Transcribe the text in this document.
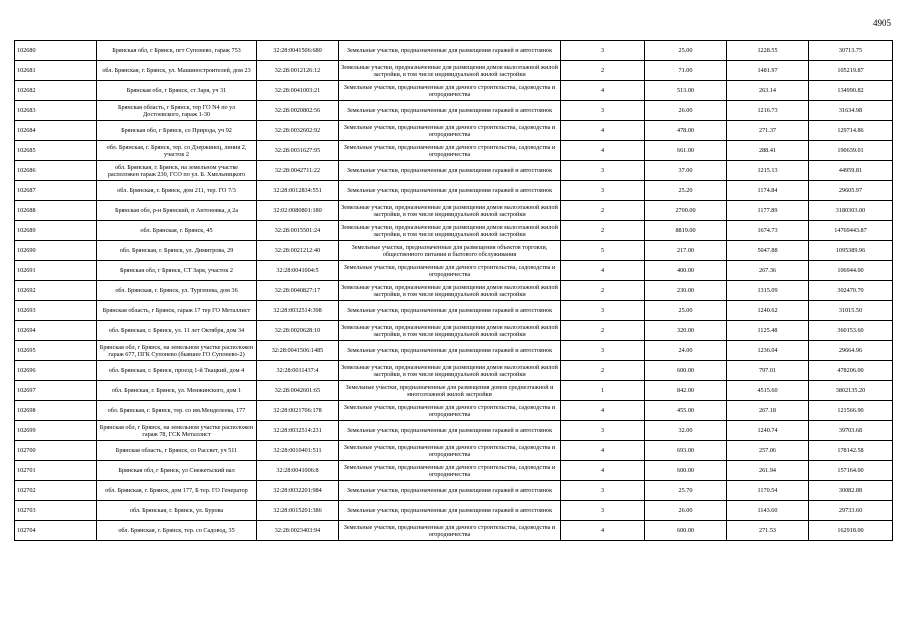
4905
102680	Брянская обл, г Брянск, пгт Супонево, гараж 753	32:28:0041506:680	Земельные участки, предназначенные для размещения гаражей и автостоянок	3	25.00	1228.55	30713.75
102681	обл. Брянская, г. Брянск, ул. Машиностроителей, дом 23	32:28:0012126:12	Земельные участки, предназначенные для размещения домов малоэтажной жилой застройки, в том числе индивидуальной жилой застройки	2	71.00	1481.97	105219.87
102682	Брянская обл, г Брянск, ст Заря, уч 31	32:28:0041003:21	Земельные участки, предназначенные для дачного строительства, садоводства и огородничества	4	513.00	263.14	134990.82
102683	Брянская область, г Брянск, тер ГО N4 по ул Достоевского, гараж 1-30	32:28:0020802:56	Земельные участки, предназначенные для размещения гаражей и автостоянок	3	26.00	1216.73	31634.98
102684	Брянская обл, г Брянск, со Природа, уч 92	32:28:0032602:92	Земельные участки, предназначенные для дачного строительства, садоводства и огородничества	4	478.00	271.37	129714.86
102685	обл. Брянская, г. Брянск, тер. со Дзержинец, линия 2, участок 2	32:28:0031627:95	Земельные участки, предназначенные для дачного строительства, садоводства и огородничества	4	661.00	288.41	190639.01
102686	обл. Брянская, г. Брянск, на земельном участке расположен гараж 230, ГСО по ул. Б. Хмельницкого	32:28:0042711:22	Земельные участки, предназначенные для размещения гаражей и автостоянок	3	37.00	1215.13	44959.81
102687	обл. Брянская, г. Брянск, дом 211, тер. ГО 7/3	32:28:0012834:551	Земельные участки, предназначенные для размещения гаражей и автостоянок	3	25.20	1174.84	29605.97
102688	Брянская обл, р-н Брянский, п Антоновка, д 2а	32:02:0080801:180	Земельные участки, предназначенные для размещения домов малоэтажной жилой застройки, в том числе индивидуальной жилой застройки	2	2700.00	1177.89	3180303.00
102689	обл. Брянская, г. Брянск, 45	32:28:0015501:24	Земельные участки, предназначенные для размещения домов малоэтажной жилой застройки, в том числе индивидуальной жилой застройки	2	8819.00	1674.73	14769443.87
102690	обл. Брянская, г. Брянск, ул. Димитрова, 29	32:28:0021212:40	Земельные участки, предназначенные для размещения объектов торговли, общественного питания и бытового обслуживания	5	217.00	5047.88	1095389.96
102691	Брянская обл, г Брянск, СТ Заря, участок 2	32:28:0041004:5	Земельные участки, предназначенные для дачного строительства, садоводства и огородничества	4	400.00	267.36	106944.00
102692	обл. Брянская, г. Брянск, ул. Тургенева, дом 36	32:28:0040827:17	Земельные участки, предназначенные для размещения домов малоэтажной жилой застройки, в том числе индивидуальной жилой застройки	2	230.00	1315.09	302470.70
102693	Брянская область, г Брянск, гараж 17 тер ГО Металлист	32:28:0032514:398	Земельные участки, предназначенные для размещения гаражей и автостоянок	3	25.00	1240.62	31015.50
102694	обл. Брянская, г. Брянск, ул. 11 лет Октября, дом 34	32:28:0020628:10	Земельные участки, предназначенные для размещения домов малоэтажной жилой застройки, в том числе индивидуальной жилой застройки	2	320.00	1125.48	360153.60
102695	Брянская обл, г Брянск, на земельном участке расположен гараж 677, ПГК Супонево (бывшее ГО Супонево-2)	32:28:0041506:1485	Земельные участки, предназначенные для размещения гаражей и автостоянок	3	24.00	1236.04	29664.96
102696	обл. Брянская, г. Брянск, проезд 1-й Ткацкий, дом 4	32:28:0011437:4	Земельные участки, предназначенные для размещения домов малоэтажной жилой застройки, в том числе индивидуальной жилой застройки	2	600.00	797.01	478206.00
102697	обл. Брянская, г. Брянск, ул. Менжинского, дом 1	32:28:0042601:65	Земельные участки, предназначенные для размещения домов среднеэтажной и многоэтажной жилой застройки	1	842.00	4515.60	3802135.20
102698	обл. Брянская, г. Брянск, тер. со им.Менделеева, 177	32:28:0021706:178	Земельные участки, предназначенные для дачного строительства, садоводства и огородничества	4	455.00	267.18	121566.90
102699	Брянская обл, г Брянск, на земельном участке расположен гараж 78, ГСК Металлист	32:28:0032514:231	Земельные участки, предназначенные для размещения гаражей и автостоянок	3	32.00	1240.74	39703.68
102700	Брянская область, г Брянск, со Рассвет, уч 511	32:28:0010401:511	Земельные участки, предназначенные для дачного строительства, садоводства и огородничества	4	693.00	257.06	178142.58
102701	Брянская обл, г Брянск, ул Снежетьский вал	32:28:0041006:8	Земельные участки, предназначенные для дачного строительства, садоводства и огородничества	4	600.00	261.94	157164.00
102702	обл. Брянская, г. Брянск, дом 177, Б тер. ГО Генератор	32:28:0032201:984	Земельные участки, предназначенные для размещения гаражей и автостоянок	3	25.70	1170.54	30082.88
102703	обл. Брянская, г. Брянск, ул. Бурова	32:28:0015201:386	Земельные участки, предназначенные для размещения гаражей и автостоянок	3	26.00	1143.60	29733.60
102704	обл. Брянская, г. Брянск, тер. со Садовод, 35	32:28:0023403:94	Земельные участки, предназначенные для дачного строительства, садоводства и огородничества	4	600.00	271.53	162918.00
